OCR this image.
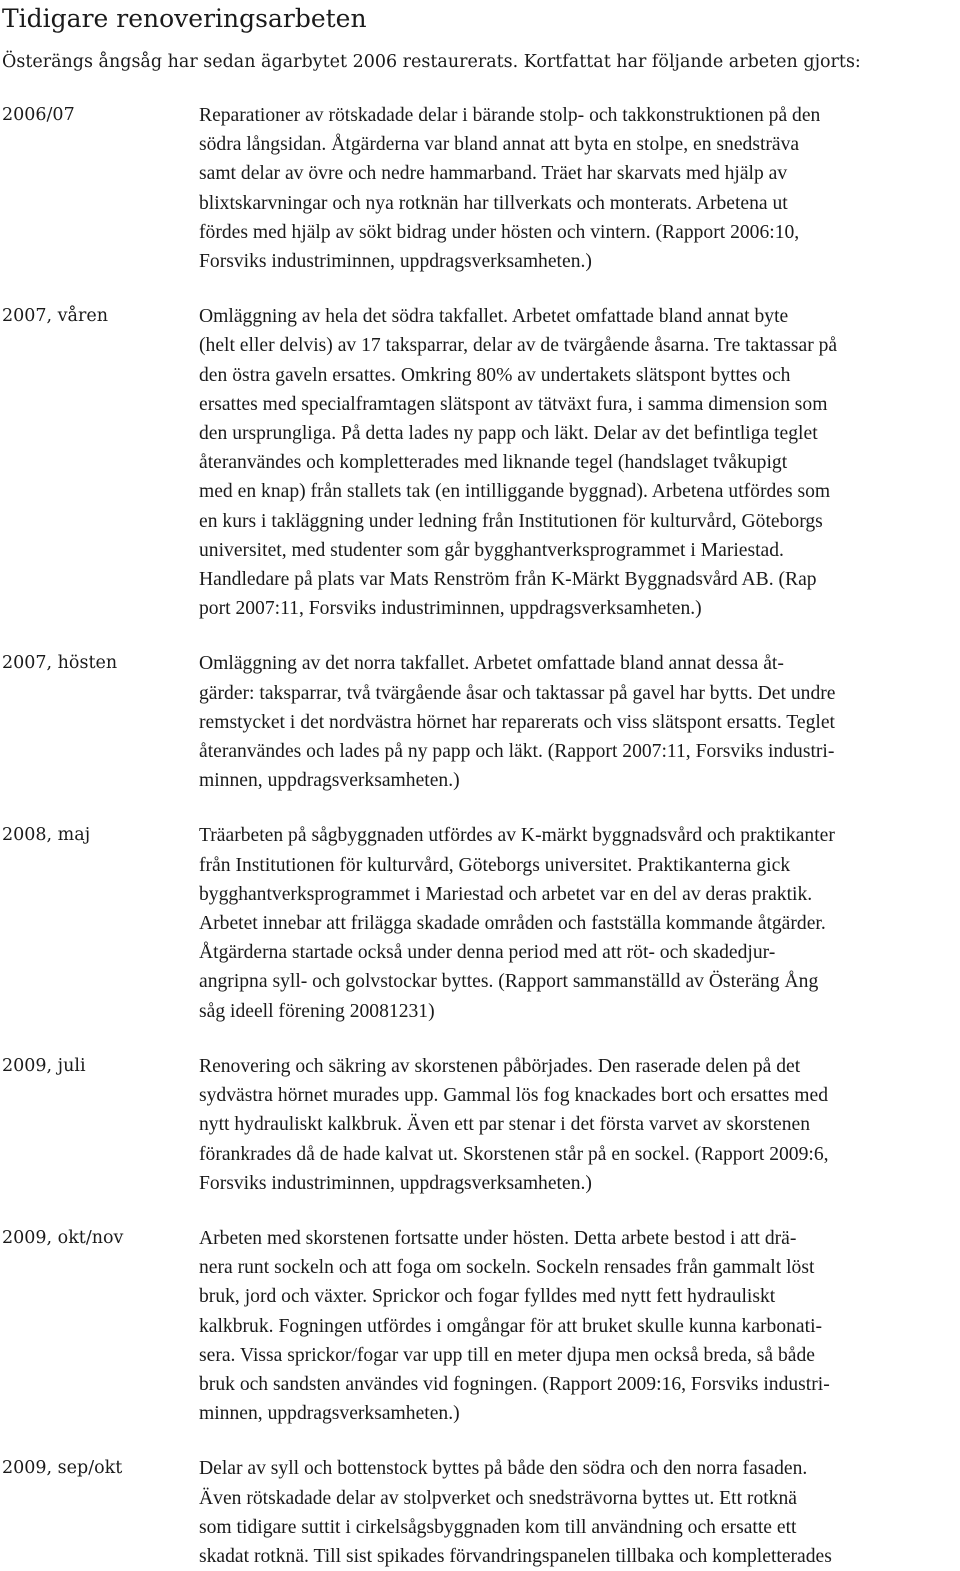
Tidigare renoveringsarbeten

Österängs ångsåg har sedan ägarbytet 2006 restaurerats. Kortfattat har följande arbeten gjorts:

2006/07	Reparationer av rötskadade delar i bärande stolp- och takkonstruktionen på den
södra långsidan. Åtgärderna var bland annat att byta en stolpe, en snedsträva
samt delar av övre och nedre hammarband. Träet har skarvats med hjälp av
blixtskarvningar och nya rotknän har tillverkats och monterats. Arbetena ut
fördes med hjälp av sökt bidrag under hösten och vintern. (Rapport 2006:10,
Forsviks industriminnen, uppdragsverksamheten.)
2007, våren	Omläggning av hela det södra takfallet. Arbetet omfattade bland annat byte
(helt eller delvis) av 17 taksparrar, delar av de tvärgående åsarna. Tre taktassar på
den östra gaveln ersattes. Omkring 80% av undertakets slätspont byttes och
ersattes med specialframtagen slätspont av tätväxt fura, i samma dimension som
den ursprungliga. På detta lades ny papp och läkt. Delar av det befintliga teglet
återanvändes och kompletterades med liknande tegel (handslaget tvåkupigt
med en knap) från stallets tak (en intilliggande byggnad). Arbetena utfördes som
en kurs i takläggning under ledning från Institutionen för kulturvård, Göteborgs
universitet, med studenter som går bygghantverksprogrammet i Mariestad.
Handledare på plats var Mats Renström från K-Märkt Byggnadsvård AB. (Rap
port 2007:11, Forsviks industriminnen, uppdragsverksamheten.)
2007, hösten	Omläggning av det norra takfallet. Arbetet omfattade bland annat dessa åt-
gärder: taksparrar, två tvärgående åsar och taktassar på gavel har bytts. Det undre
remstycket i det nordvästra hörnet har reparerats och viss slätspont ersatts. Teglet
återanvändes och lades på ny papp och läkt. (Rapport 2007:11, Forsviks industri-
minnen, uppdragsverksamheten.)
2008, maj	Träarbeten på sågbyggnaden utfördes av K-märkt byggnadsvård och praktikanter
från Institutionen för kulturvård, Göteborgs universitet. Praktikanterna gick
bygghantverksprogrammet i Mariestad och arbetet var en del av deras praktik.
Arbetet innebar att frilägga skadade områden och fastställa kommande åtgärder.
Åtgärderna startade också under denna period med att röt- och skadedjur-
angripna syll- och golvstockar byttes. (Rapport sammanställd av Österäng Ång
såg ideell förening 20081231)
2009, juli	Renovering och säkring av skorstenen påbörjades. Den raserade delen på det
sydvästra hörnet murades upp. Gammal lös fog knackades bort och ersattes med
nytt hydrauliskt kalkbruk. Även ett par stenar i det första varvet av skorstenen
förankrades då de hade kalvat ut. Skorstenen står på en sockel. (Rapport 2009:6,
Forsviks industriminnen, uppdragsverksamheten.)
2009, okt/nov	Arbeten med skorstenen fortsatte under hösten. Detta arbete bestod i att drä-
nera runt sockeln och att foga om sockeln. Sockeln rensades från gammalt löst
bruk, jord och växter. Sprickor och fogar fylldes med nytt fett hydrauliskt
kalkbruk. Fogningen utfördes i omgångar för att bruket skulle kunna karbonati-
sera. Vissa sprickor/fogar var upp till en meter djupa men också breda, så både
bruk och sandsten användes vid fogningen. (Rapport 2009:16, Forsviks industri-
minnen, uppdragsverksamheten.)
2009, sep/okt	Delar av syll och bottenstock byttes på både den södra och den norra fasaden.
Även rötskadade delar av stolpverket och snedsträvorna byttes ut. Ett rotknä
som tidigare suttit i cirkelsågsbyggnaden kom till användning och ersatte ett
skadat rotknä. Till sist spikades förvandringspanelen tillbaka och kompletterades
